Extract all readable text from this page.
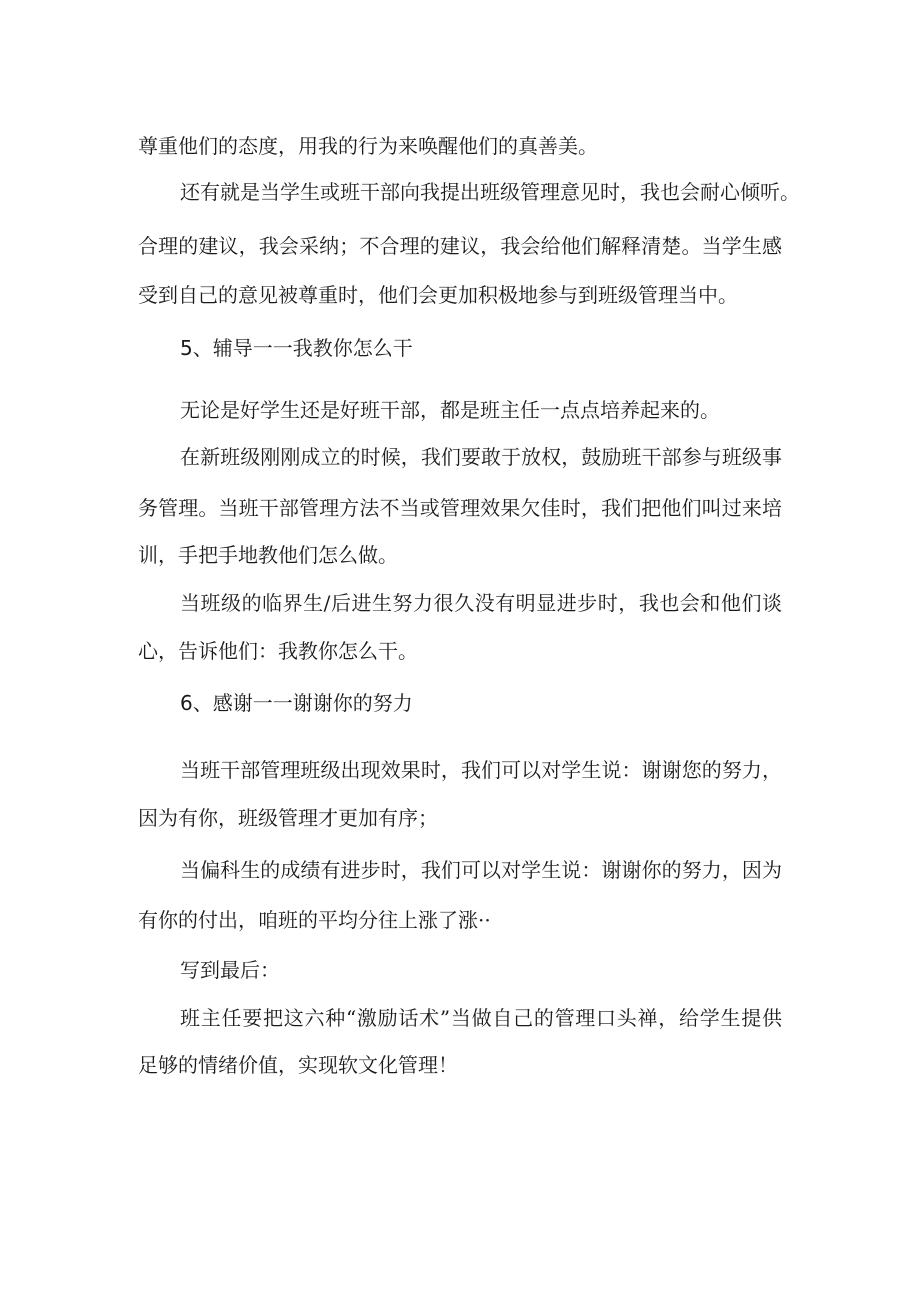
尊重他们的态度，用我的行为来唤醒他们的真善美。
还有就是当学生或班干部向我提出班级管理意见时，我也会耐心倾听。
合理的建议，我会采纳；不合理的建议，我会给他们解释清楚。当学生感
受到自己的意见被尊重时，他们会更加积极地参与到班级管理当中。
5、辅导一一我教你怎么干
无论是好学生还是好班干部，都是班主任一点点培养起来的。
在新班级刚刚成立的时候，我们要敢于放权，鼓励班干部参与班级事
务管理。当班干部管理方法不当或管理效果欠佳时，我们把他们叫过来培
训，手把手地教他们怎么做。
当班级的临界生/后进生努力很久没有明显进步时，我也会和他们谈
心，告诉他们：我教你怎么干。
6、感谢一一谢谢你的努力
当班干部管理班级出现效果时，我们可以对学生说：谢谢您的努力，
因为有你，班级管理才更加有序；
当偏科生的成绩有进步时，我们可以对学生说：谢谢你的努力，因为
有你的付出，咱班的平均分往上涨了涨··
写到最后：
班主任要把这六种“激励话术”当做自己的管理口头禅，给学生提供
足够的情绪价值，实现软文化管理！
